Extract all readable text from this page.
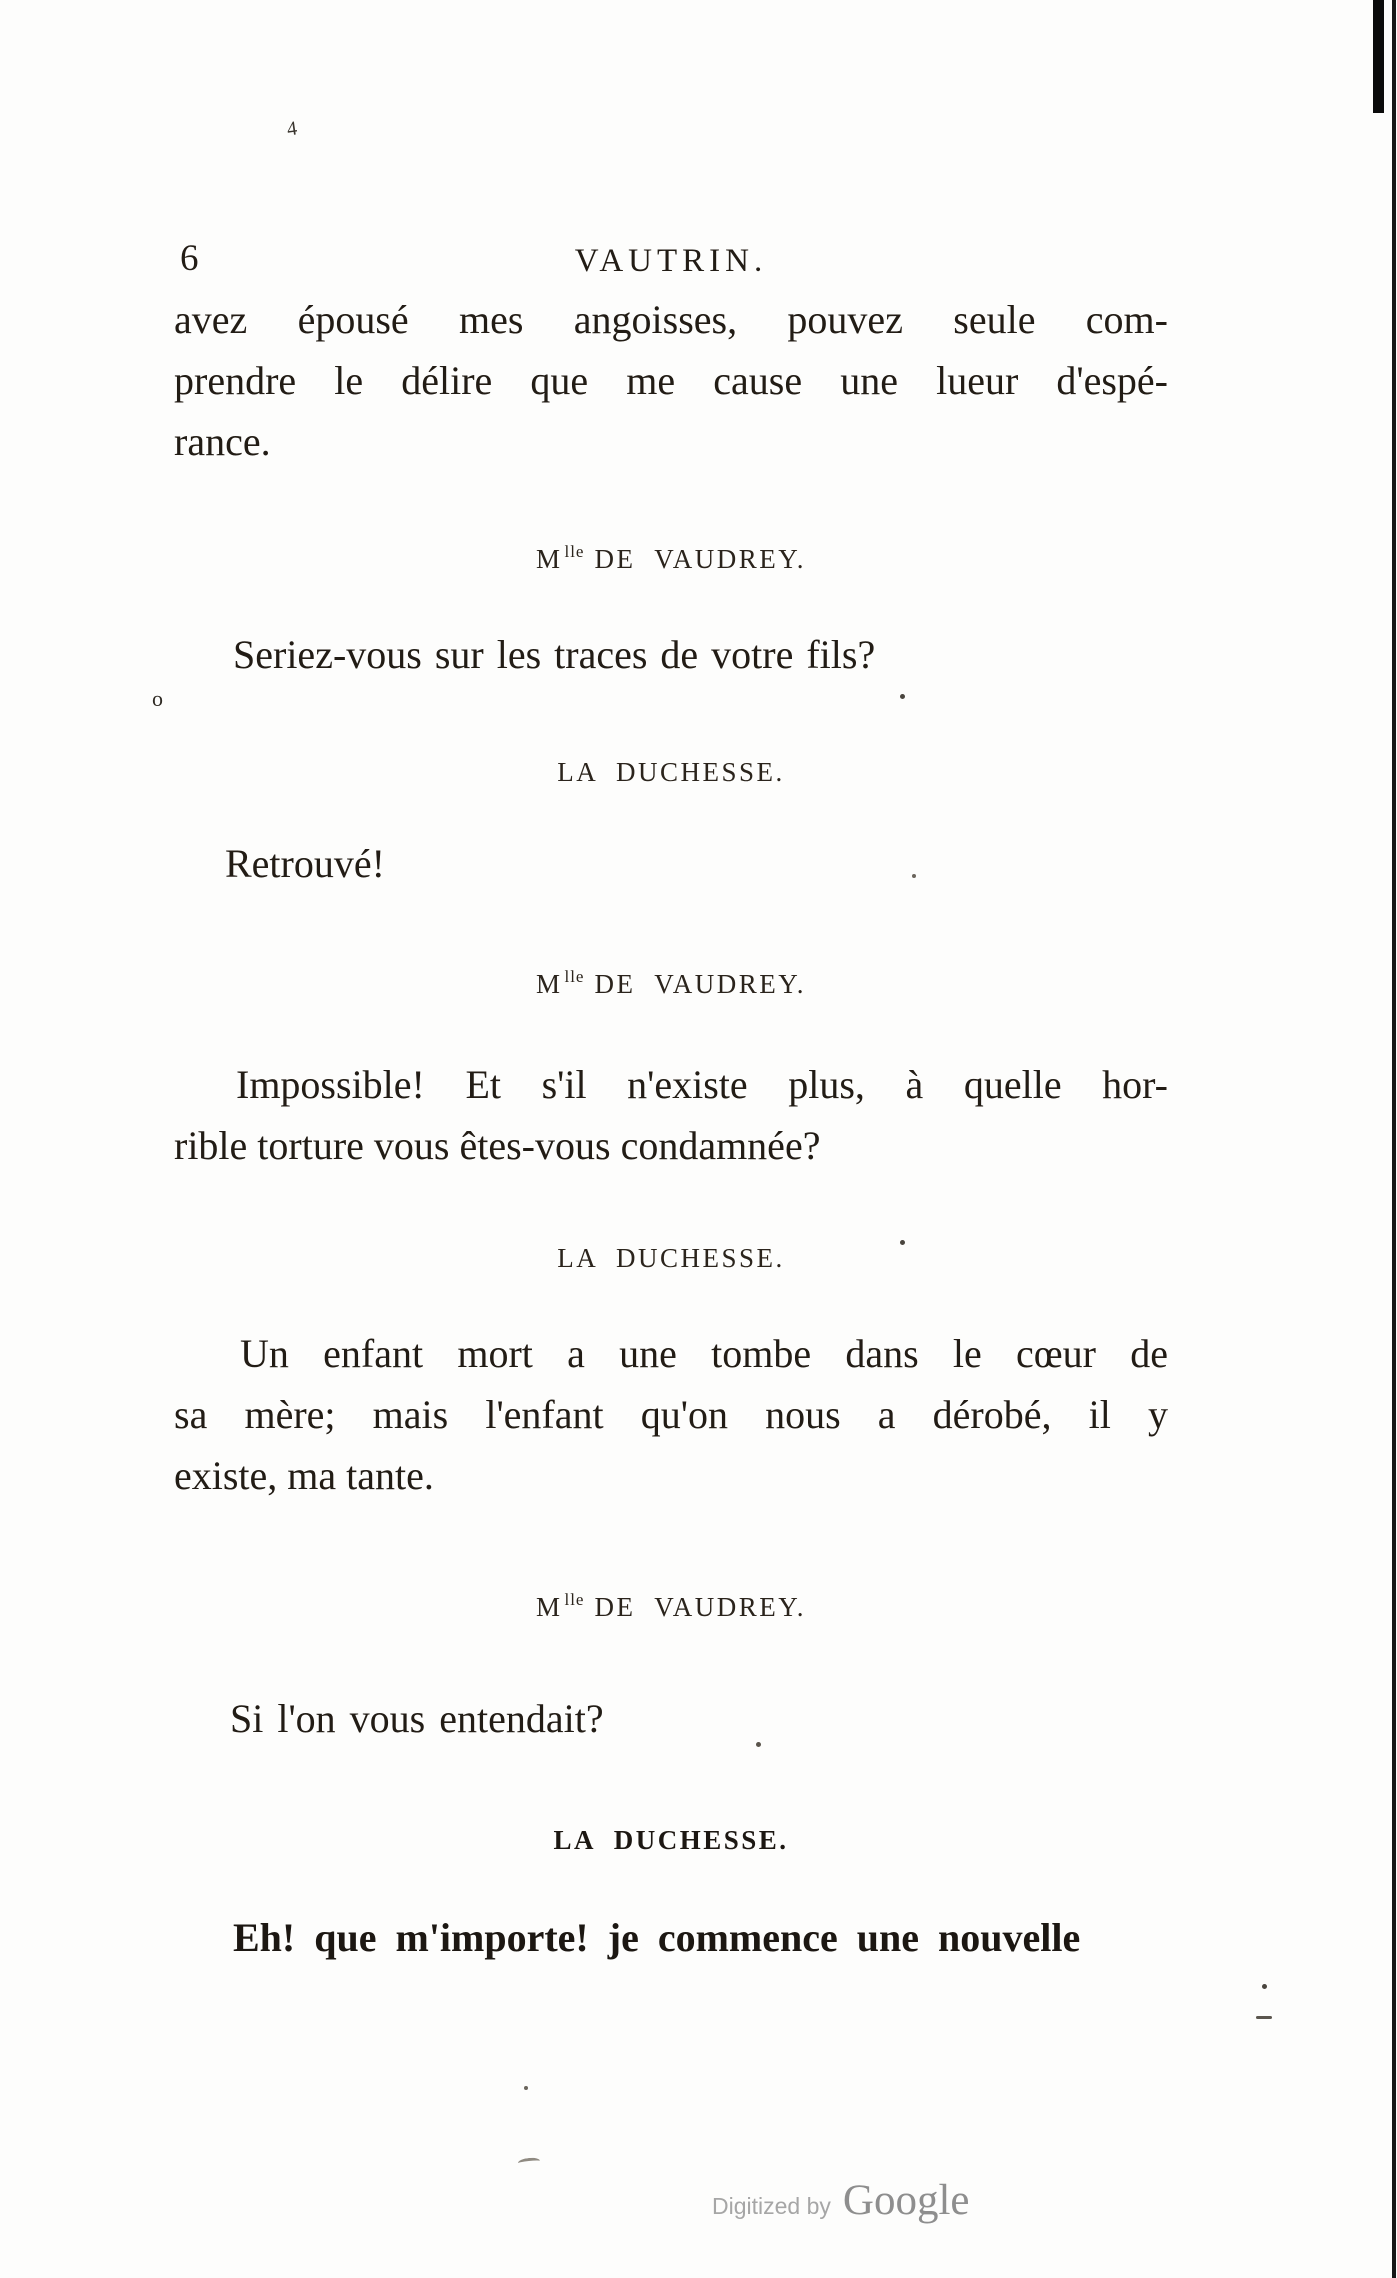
4
6	VAUTRIN.
avez épousé mes angoisses, pouvez seule com-
prendre le délire que me cause une lueur d'espé-
rance.
M $^{lle}$ DE VAUDREY.
Seriez-vous sur les traces de votre fils?
o
LA DUCHESSE.
Retrouvé!
M $^{lle}$ DE VAUDREY.
Impossible! Et s'il n'existe plus, à quelle hor-
rible torture vous êtes-vous condamnée?
LA DUCHESSE.
Un enfant mort a une tombe dans le cœur de
sa mère; mais l'enfant qu'on nous a dérobé, il y
existe, ma tante.
M $^{lle}$ DE VAUDREY.
Si l'on vous entendait?
LA DUCHESSE.
Eh! que m'importe! je commence une nouvelle
Digitized by Google
